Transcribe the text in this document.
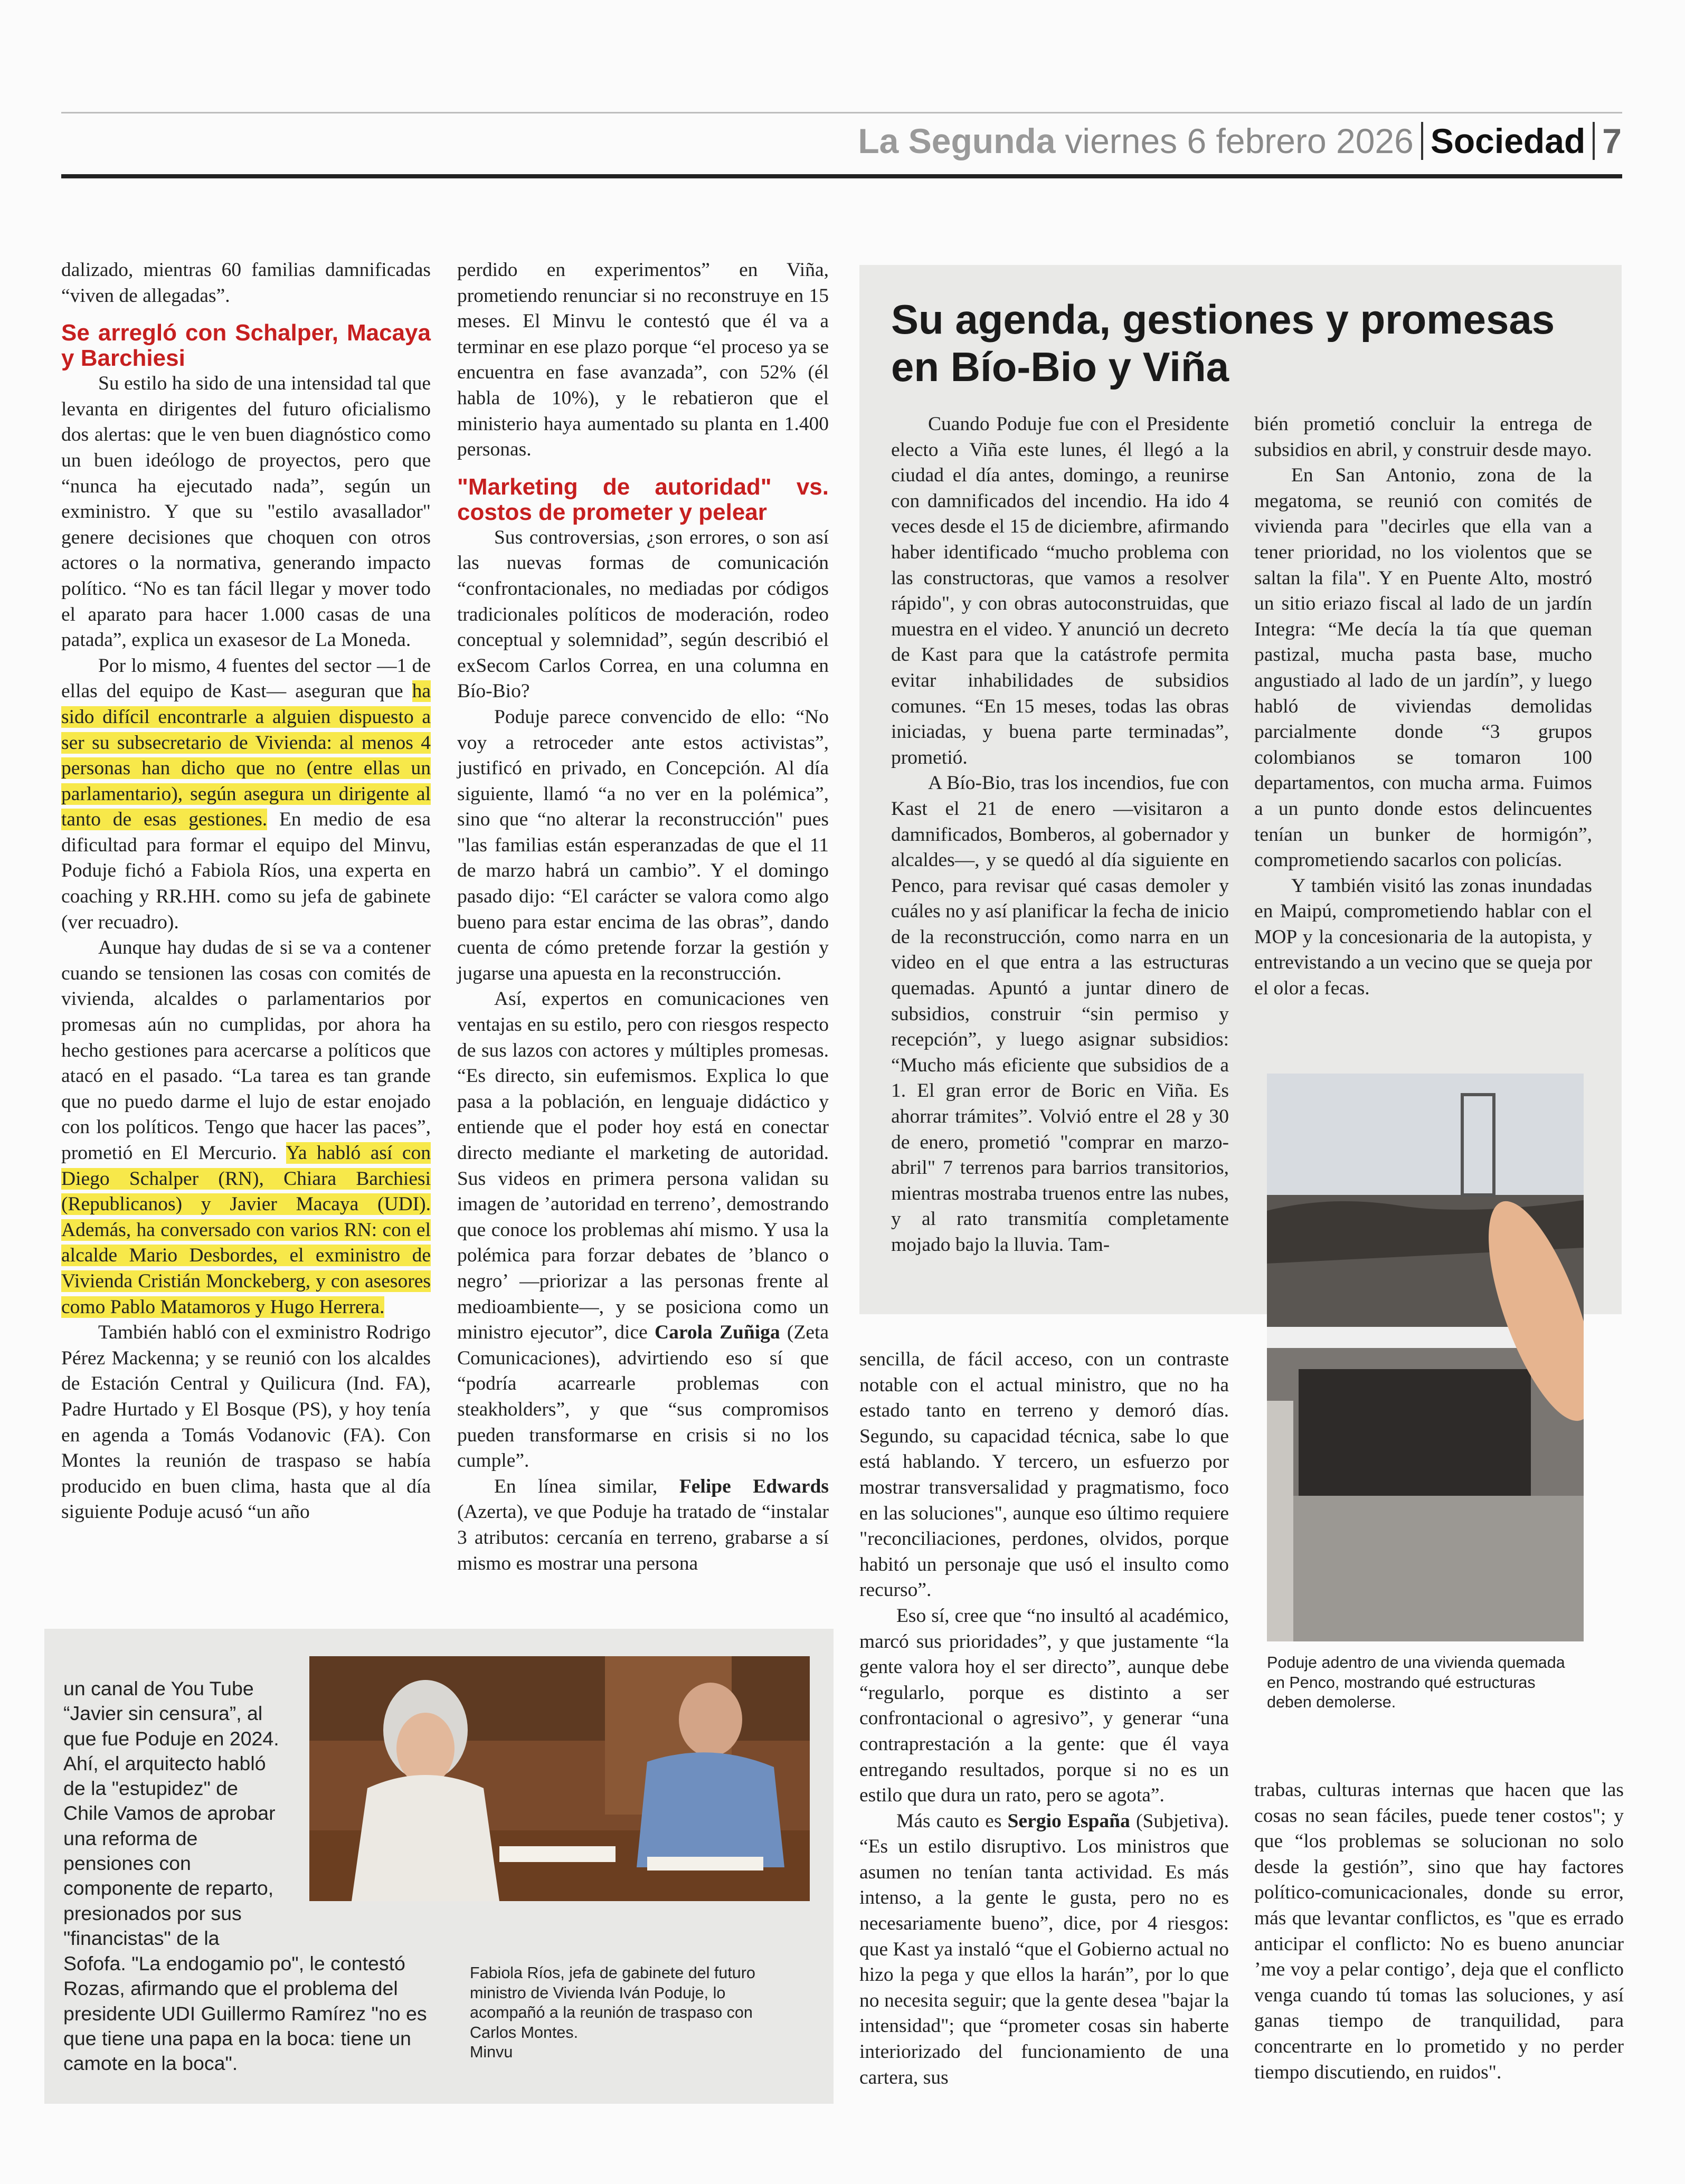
La Segunda viernes 6 febrero 2026 Sociedad 7

dalizado, mientras 60 familias damnificadas “viven de allegadas”.

Se arregló con Schalper, Macaya y Barchiesi

Su estilo ha sido de una intensidad tal que levanta en dirigentes del futuro oficialismo dos alertas: que le ven buen diagnóstico como un buen ideólogo de proyectos, pero que “nunca ha ejecutado nada”, según un exministro. Y que su "estilo avasallador" genere decisiones que choquen con otros actores o la normativa, generando impacto político. “No es tan fácil llegar y mover todo el aparato para hacer 1.000 casas de una patada”, explica un exasesor de La Moneda.

Por lo mismo, 4 fuentes del sector —1 de ellas del equipo de Kast— aseguran que ha sido difícil encontrarle a alguien dispuesto a ser su subsecretario de Vivienda: al menos 4 personas han dicho que no (entre ellas un parlamentario), según asegura un dirigente al tanto de esas gestiones. En medio de esa dificultad para formar el equipo del Minvu, Poduje fichó a Fabiola Ríos, una experta en coaching y RR.HH. como su jefa de gabinete (ver recuadro).

Aunque hay dudas de si se va a contener cuando se tensionen las cosas con comités de vivienda, alcaldes o parlamentarios por promesas aún no cumplidas, por ahora ha hecho gestiones para acercarse a políticos que atacó en el pasado. “La tarea es tan grande que no puedo darme el lujo de estar enojado con los políticos. Tengo que hacer las paces”, prometió en El Mercurio. Ya habló así con Diego Schalper (RN), Chiara Barchiesi (Republicanos) y Javier Macaya (UDI). Además, ha conversado con varios RN: con el alcalde Mario Desbordes, el exministro de Vivienda Cristián Monckeberg, y con asesores como Pablo Matamoros y Hugo Herrera.

También habló con el exministro Rodrigo Pérez Mackenna; y se reunió con los alcaldes de Estación Central y Quilicura (Ind. FA), Padre Hurtado y El Bosque (PS), y hoy tenía en agenda a Tomás Vodanovic (FA). Con Montes la reunión de traspaso se había producido en buen clima, hasta que al día siguiente Poduje acusó “un año

perdido en experimentos” en Viña, prometiendo renunciar si no reconstruye en 15 meses. El Minvu le contestó que él va a terminar en ese plazo porque “el proceso ya se encuentra en fase avanzada”, con 52% (él habla de 10%), y le rebatieron que el ministerio haya aumentado su planta en 1.400 personas.

"Marketing de autoridad" vs. costos de prometer y pelear

Sus controversias, ¿son errores, o son así las nuevas formas de comunicación “confrontacionales, no mediadas por códigos tradicionales políticos de moderación, rodeo conceptual y solemnidad”, según describió el exSecom Carlos Correa, en una columna en Bío-Bio?

Poduje parece convencido de ello: “No voy a retroceder ante estos activistas”, justificó en privado, en Concepción. Al día siguiente, llamó “a no ver en la polémica”, sino que “no alterar la reconstrucción" pues "las familias están esperanzadas de que el 11 de marzo habrá un cambio”. Y el domingo pasado dijo: “El carácter se valora como algo bueno para estar encima de las obras”, dando cuenta de cómo pretende forzar la gestión y jugarse una apuesta en la reconstrucción.

Así, expertos en comunicaciones ven ventajas en su estilo, pero con riesgos respecto de sus lazos con actores y múltiples promesas. “Es directo, sin eufemismos. Explica lo que pasa a la población, en lenguaje didáctico y entiende que el poder hoy está en conectar directo mediante el marketing de autoridad. Sus videos en primera persona validan su imagen de ’autoridad en terreno’, demostrando que conoce los problemas ahí mismo. Y usa la polémica para forzar debates de ’blanco o negro’ —priorizar a las personas frente al medioambiente—, y se posiciona como un ministro ejecutor”, dice Carola Zuñiga (Zeta Comunicaciones), advirtiendo eso sí que “podría acarrearle problemas con steakholders”, y que “sus compromisos pueden transformarse en crisis si no los cumple”.

En línea similar, Felipe Edwards (Azerta), ve que Poduje ha tratado de “instalar 3 atributos: cercanía en terreno, grabarse a sí mismo es mostrar una persona

Su agenda, gestiones y promesas en Bío-Bio y Viña

Cuando Poduje fue con el Presidente electo a Viña este lunes, él llegó a la ciudad el día antes, domingo, a reunirse con damnificados del incendio. Ha ido 4 veces desde el 15 de diciembre, afirmando haber identificado “mucho problema con las constructoras, que vamos a resolver rápido", y con obras autoconstruidas, que muestra en el video. Y anunció un decreto de Kast para que la catástrofe permita evitar inhabilidades de subsidios comunes. “En 15 meses, todas las obras iniciadas, y buena parte terminadas”, prometió.

A Bío-Bio, tras los incendios, fue con Kast el 21 de enero —visitaron a damnificados, Bomberos, al gobernador y alcaldes—, y se quedó al día siguiente en Penco, para revisar qué casas demoler y cuáles no y así planificar la fecha de inicio de la reconstrucción, como narra en un video en el que entra a las estructuras quemadas. Apuntó a juntar dinero de subsidios, construir “sin permiso y recepción”, y luego asignar subsidios: “Mucho más eficiente que subsidios de a 1. El gran error de Boric en Viña. Es ahorrar trámites”. Volvió entre el 28 y 30 de enero, prometió "comprar en marzo-abril" 7 terrenos para barrios transitorios, mientras mostraba truenos entre las nubes, y al rato transmitía completamente mojado bajo la lluvia. Tam-

bién prometió concluir la entrega de subsidios en abril, y construir desde mayo.

En San Antonio, zona de la megatoma, se reunió con comités de vivienda para "decirles que ella van a tener prioridad, no los violentos que se saltan la fila". Y en Puente Alto, mostró un sitio eriazo fiscal al lado de un jardín Integra: “Me decía la tía que queman pastizal, mucha pasta base, mucho angustiado al lado de un jardín”, y luego habló de viviendas demolidas parcialmente donde “3 grupos colombianos se tomaron 100 departamentos, con mucha arma. Fuimos a un punto donde estos delincuentes tenían un bunker de hormigón”, comprometiendo sacarlos con policías.

Y también visitó las zonas inundadas en Maipú, comprometiendo hablar con el MOP y la concesionaria de la autopista, y entrevistando a un vecino que se queja por el olor a fecas.

Poduje adentro de una vivienda quemada en Penco, mostrando qué estructuras deben demolerse.

sencilla, de fácil acceso, con un contraste notable con el actual ministro, que no ha estado tanto en terreno y demoró días. Segundo, su capacidad técnica, sabe lo que está hablando. Y tercero, un esfuerzo por mostrar transversalidad y pragmatismo, foco en las soluciones", aunque eso último requiere "reconciliaciones, perdones, olvidos, porque habitó un personaje que usó el insulto como recurso”.

Eso sí, cree que “no insultó al académico, marcó sus prioridades”, y que justamente “la gente valora hoy el ser directo”, aunque debe “regularlo, porque es distinto a ser confrontacional o agresivo”, y generar “una contraprestación a la gente: que él vaya entregando resultados, porque si no es un estilo que dura un rato, pero se agota”.

Más cauto es Sergio España (Subjetiva). “Es un estilo disruptivo. Los ministros que asumen no tenían tanta actividad. Es más intenso, a la gente le gusta, pero no es necesariamente bueno”, dice, por 4 riesgos: que Kast ya instaló “que el Gobierno actual no hizo la pega y que ellos la harán”, por lo que no necesita seguir; que la gente desea "bajar la intensidad"; que “prometer cosas sin haberte interiorizado del funcionamiento de una cartera, sus

trabas, culturas internas que hacen que las cosas no sean fáciles, puede tener costos"; y que “los problemas se solucionan no solo desde la gestión”, sino que hay factores político-comunicacionales, donde su error, más que levantar conflictos, es "que es errado anticipar el conflicto: No es bueno anunciar ’me voy a pelar contigo’, deja que el conflicto venga cuando tú tomas las soluciones, y así ganas tiempo de tranquilidad, para concentrarte en lo prometido y no perder tiempo discutiendo, en ruidos".

un canal de You Tube “Javier sin censura”, al que fue Poduje en 2024. Ahí, el arquitecto habló de la "estupidez" de Chile Vamos de aprobar una reforma de pensiones con componente de reparto, presionados por sus "financistas" de la
Sofofa. "La endogamio po", le contestó Rozas, afirmando que el problema del presidente UDI Guillermo Ramírez "no es que tiene una papa en la boca: tiene un camote en la boca".
Fabiola Ríos, jefa de gabinete del futuro ministro de Vivienda Iván Poduje, lo acompañó a la reunión de traspaso con Carlos Montes.
Minvu
